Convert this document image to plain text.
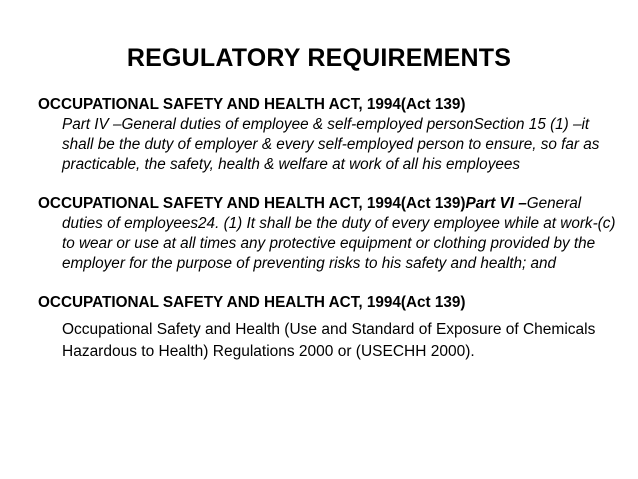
REGULATORY REQUIREMENTS
OCCUPATIONAL SAFETY AND HEALTH ACT, 1994(Act 139)
Part IV –General duties of employee & self-employed personSection 15 (1) –it shall be the duty of employer & every self-employed person to ensure, so far as practicable, the safety, health & welfare at work of all his employees
OCCUPATIONAL SAFETY AND HEALTH ACT, 1994(Act 139)Part VI –General duties of employees24. (1) It shall be the duty of every employee while at work-(c) to wear or use at all times any protective equipment or clothing provided by the employer for the purpose of preventing risks to his safety and health; and
OCCUPATIONAL SAFETY AND HEALTH ACT, 1994(Act 139)
Occupational Safety and Health (Use and Standard of Exposure of Chemicals Hazardous to Health) Regulations 2000 or (USECHH 2000).
